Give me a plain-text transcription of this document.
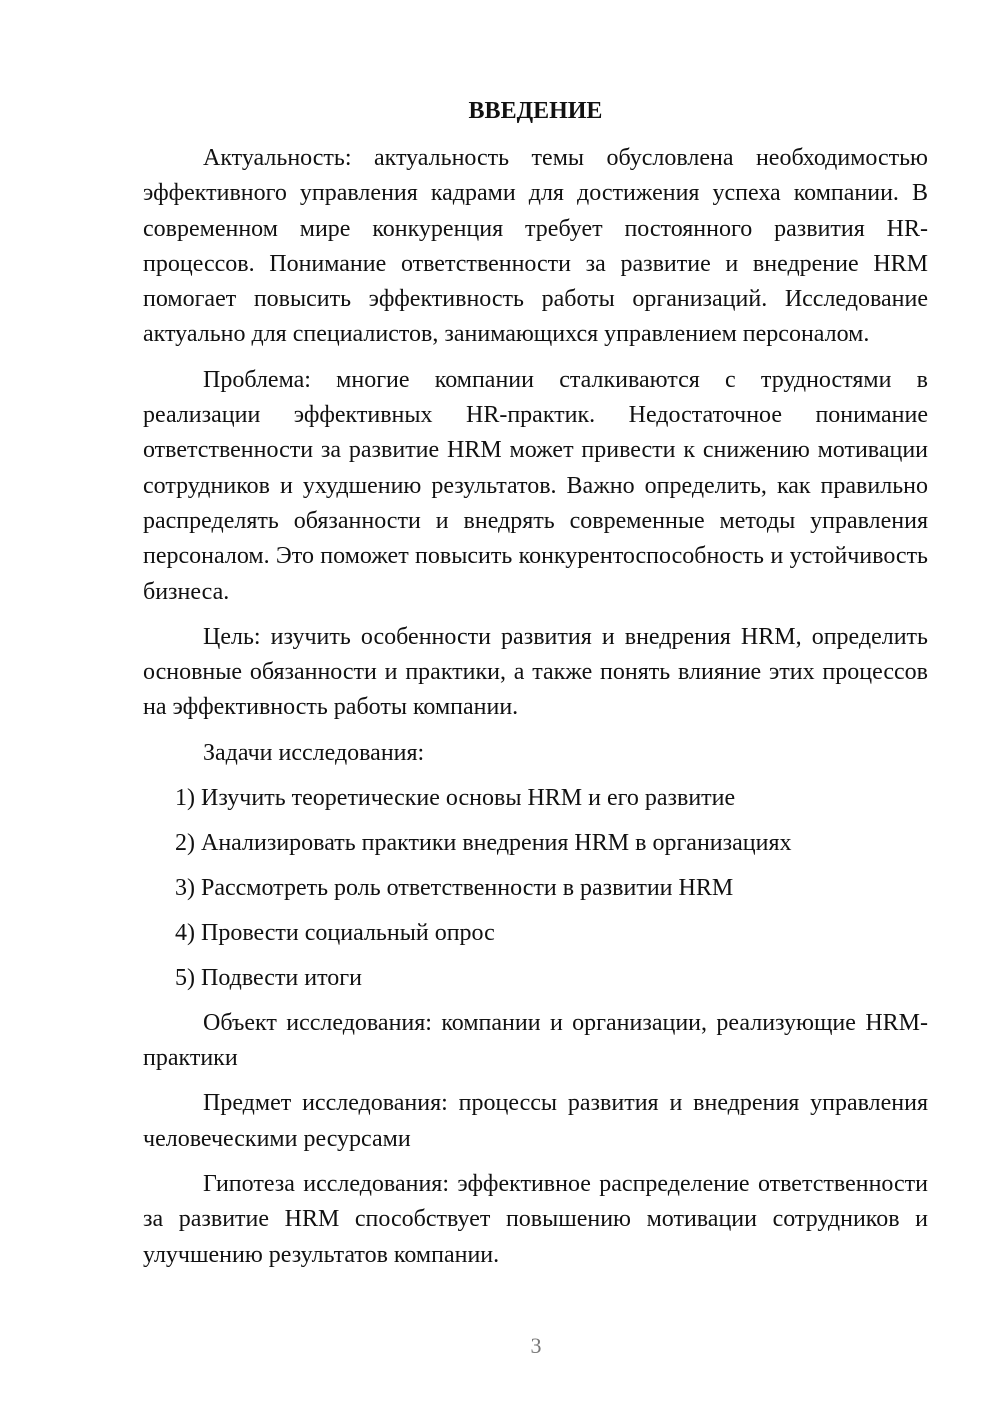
ВВЕДЕНИЕ

Актуальность: актуальность темы обусловлена необходимостью эффективного управления кадрами для достижения успеха компании. В современном мире конкуренция требует постоянного развития HR-процессов. Понимание ответственности за развитие и внедрение HRM помогает повысить эффективность работы организаций. Исследование актуально для специалистов, занимающихся управлением персоналом.

Проблема: многие компании сталкиваются с трудностями в реализации эффективных HR-практик. Недостаточное понимание ответственности за развитие HRM может привести к снижению мотивации сотрудников и ухудшению результатов. Важно определить, как правильно распределять обязанности и внедрять современные методы управления персоналом. Это поможет повысить конкурентоспособность и устойчивость бизнеса.

Цель: изучить особенности развития и внедрения HRM, определить основные обязанности и практики, а также понять влияние этих процессов на эффективность работы компании.

Задачи исследования:
1) Изучить теоретические основы HRM и его развитие
2) Анализировать практики внедрения HRM в организациях
3) Рассмотреть роль ответственности в развитии HRM
4) Провести социальный опрос
5) Подвести итоги

Объект исследования: компании и организации, реализующие HRM-практики

Предмет исследования: процессы развития и внедрения управления человеческими ресурсами

Гипотеза исследования: эффективное распределение ответственности за развитие HRM способствует повышению мотивации сотрудников и улучшению результатов компании.

3
